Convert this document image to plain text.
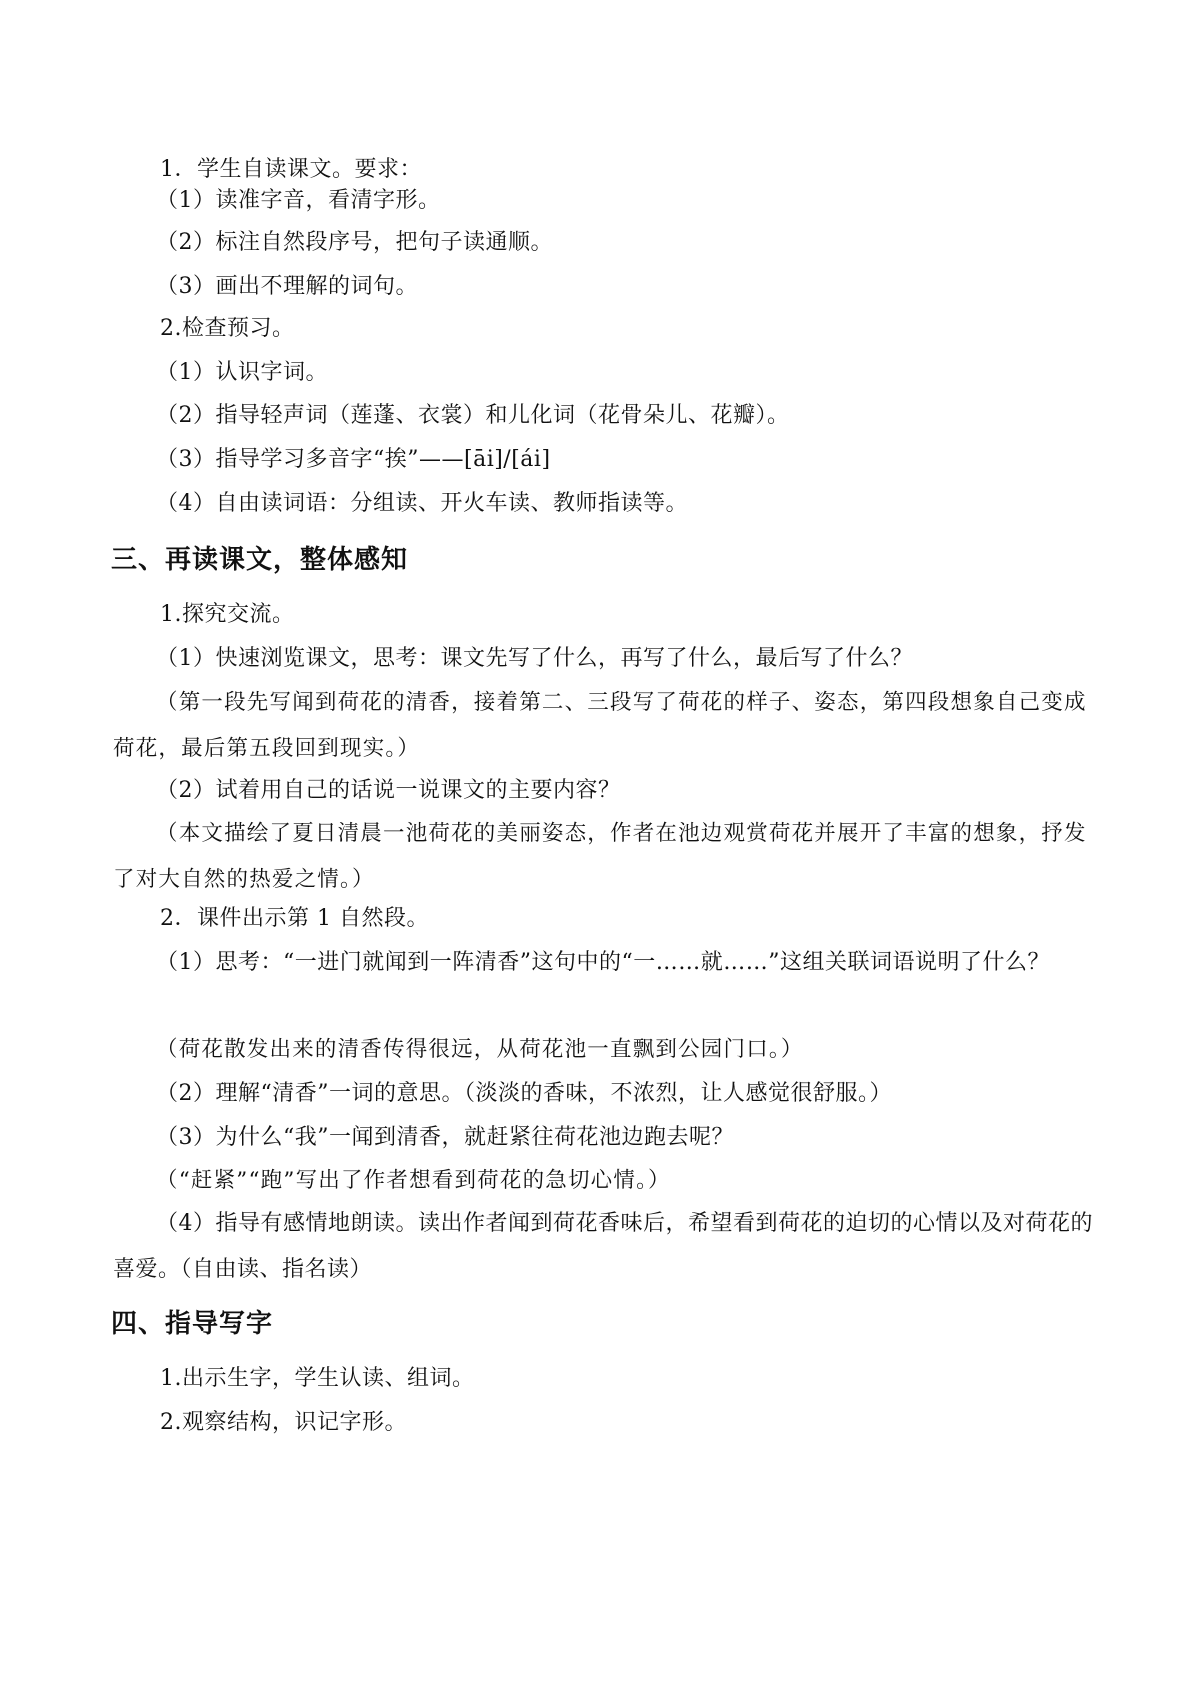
1．学生自读课文。要求：
（1）读准字音，看清字形。
（2）标注自然段序号，把句子读通顺。
（3）画出不理解的词句。
2.检查预习。
（1）认识字词。
（2）指导轻声词（莲蓬、衣裳）和儿化词（花骨朵儿、花瓣）。
（3）指导学习多音字“挨”——[āi]/[ái]
（4）自由读词语：分组读、开火车读、教师指读等。
三、再读课文，整体感知
1.探究交流。
（1）快速浏览课文，思考：课文先写了什么，再写了什么，最后写了什么？
（第一段先写闻到荷花的清香，接着第二、三段写了荷花的样子、姿态，第四段想象自己变成荷花，最后第五段回到现实。）
（2）试着用自己的话说一说课文的主要内容？
（本文描绘了夏日清晨一池荷花的美丽姿态，作者在池边观赏荷花并展开了丰富的想象，抒发了对大自然的热爱之情。）
2．课件出示第 1 自然段。
（1）思考：“一进门就闻到一阵清香”这句中的“一……就……”这组关联词语说明了什么？
（荷花散发出来的清香传得很远，从荷花池一直飘到公园门口。）
（2）理解“清香”一词的意思。（淡淡的香味，不浓烈，让人感觉很舒服。）
（3）为什么“我”一闻到清香，就赶紧往荷花池边跑去呢？
（“赶紧”“跑”写出了作者想看到荷花的急切心情。）
（4）指导有感情地朗读。读出作者闻到荷花香味后，希望看到荷花的迫切的心情以及对荷花的喜爱。（自由读、指名读）
四、指导写字
1.出示生字，学生认读、组词。
2.观察结构，识记字形。
